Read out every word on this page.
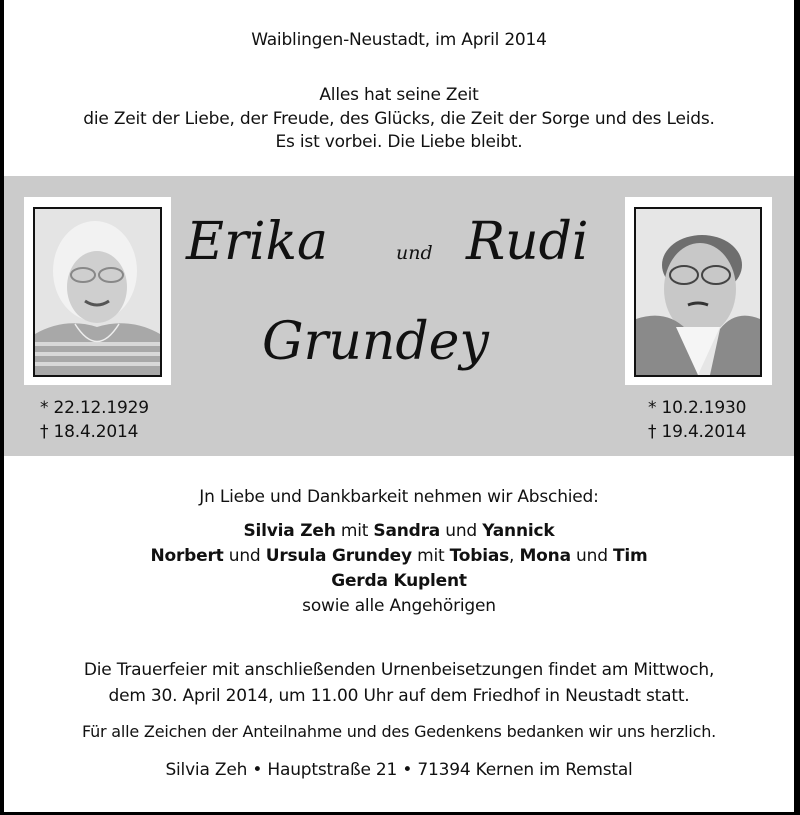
Waiblingen-Neustadt, im April 2014
Alles hat seine Zeit
die Zeit der Liebe, der Freude, des Glücks, die Zeit der Sorge und des Leids.
Es ist vorbei. Die Liebe bleibt.
* 22.12.1929
† 18.4.2014
Erika	und Rudi
Grundey
* 10.2.1930
† 19.4.2014
Jn Liebe und Dankbarkeit nehmen wir Abschied:
Silvia Zeh mit Sandra und Yannick
Norbert und Ursula Grundey mit Tobias, Mona und Tim
Gerda Kuplent
sowie alle Angehörigen
Die Trauerfeier mit anschließenden Urnenbeisetzungen findet am Mittwoch,
dem 30. April 2014, um 11.00 Uhr auf dem Friedhof in Neustadt statt.
Für alle Zeichen der Anteilnahme und des Gedenkens bedanken wir uns herzlich.
Silvia Zeh • Hauptstraße 21 • 71394 Kernen im Remstal
